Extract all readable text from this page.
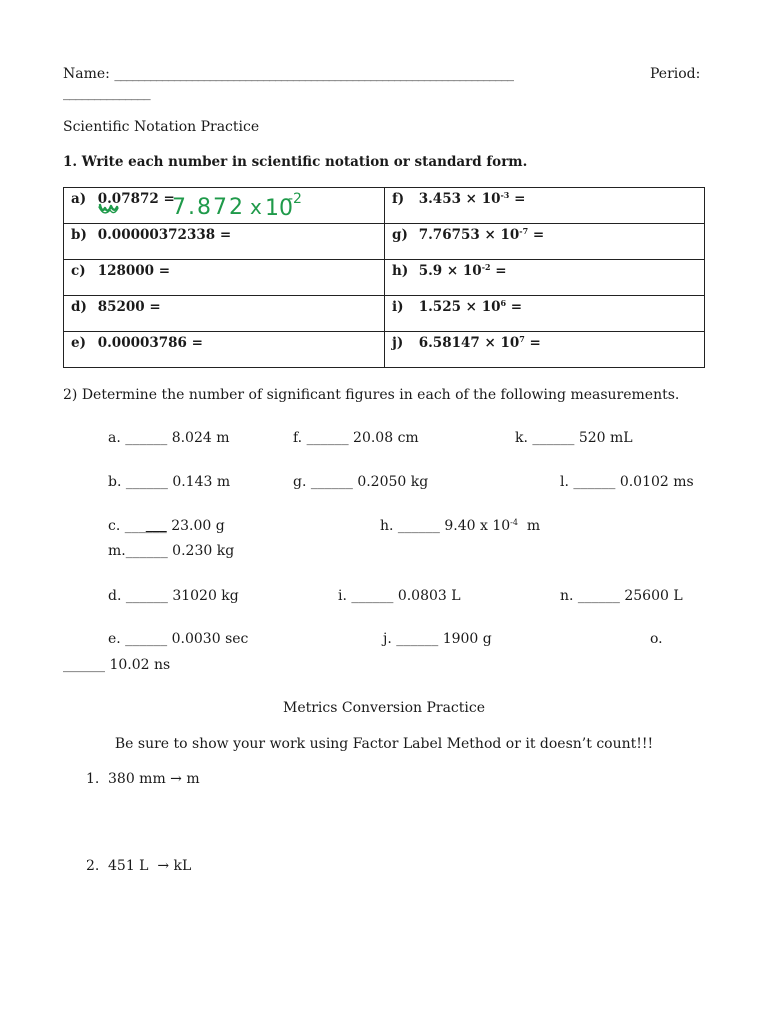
Name: ___________________________________________________________________	Period:
______________
Scientific Notation Practice
1. Write each number in scientific notation or standard form.
a) 0.07872 =	f) $3.453 \times 10^{-3}$ =

b) 0.00000372338 =	g) $7.76753 \times 10^{-7}$ =

c) 128000 =	h) $5.9 \times 10^{-2}$ =

d) 85200 =	i) $1.525 \times 10^6$ =

e) 0.00003786 =	j) $6.58147 \times 10^7$ =
7.872 x 10
-2
2) Determine the number of significant figures in each of the following measurements.
a. ______ 8.024 m	f. ______ 20.08 cm	k. ______ 520 mL
b. ______ 0.143 m	g. ______ 0.2050 kg	l. ______ 0.0102 ms
c. ______ 23.00 g	h. ______ 9.40 x $10^{-4}$  m
m.______ 0.230 kg
d. ______ 31020 kg	i. ______ 0.0803 L	n. ______ 25600 L
e. ______ 0.0030 sec	j. ______ 1900 g	o.
______ 10.02 ns
Metrics Conversion Practice
Be sure to show your work using Factor Label Method or it doesn’t count!!!
1. 380 mm → m
2. 451 L  → kL
